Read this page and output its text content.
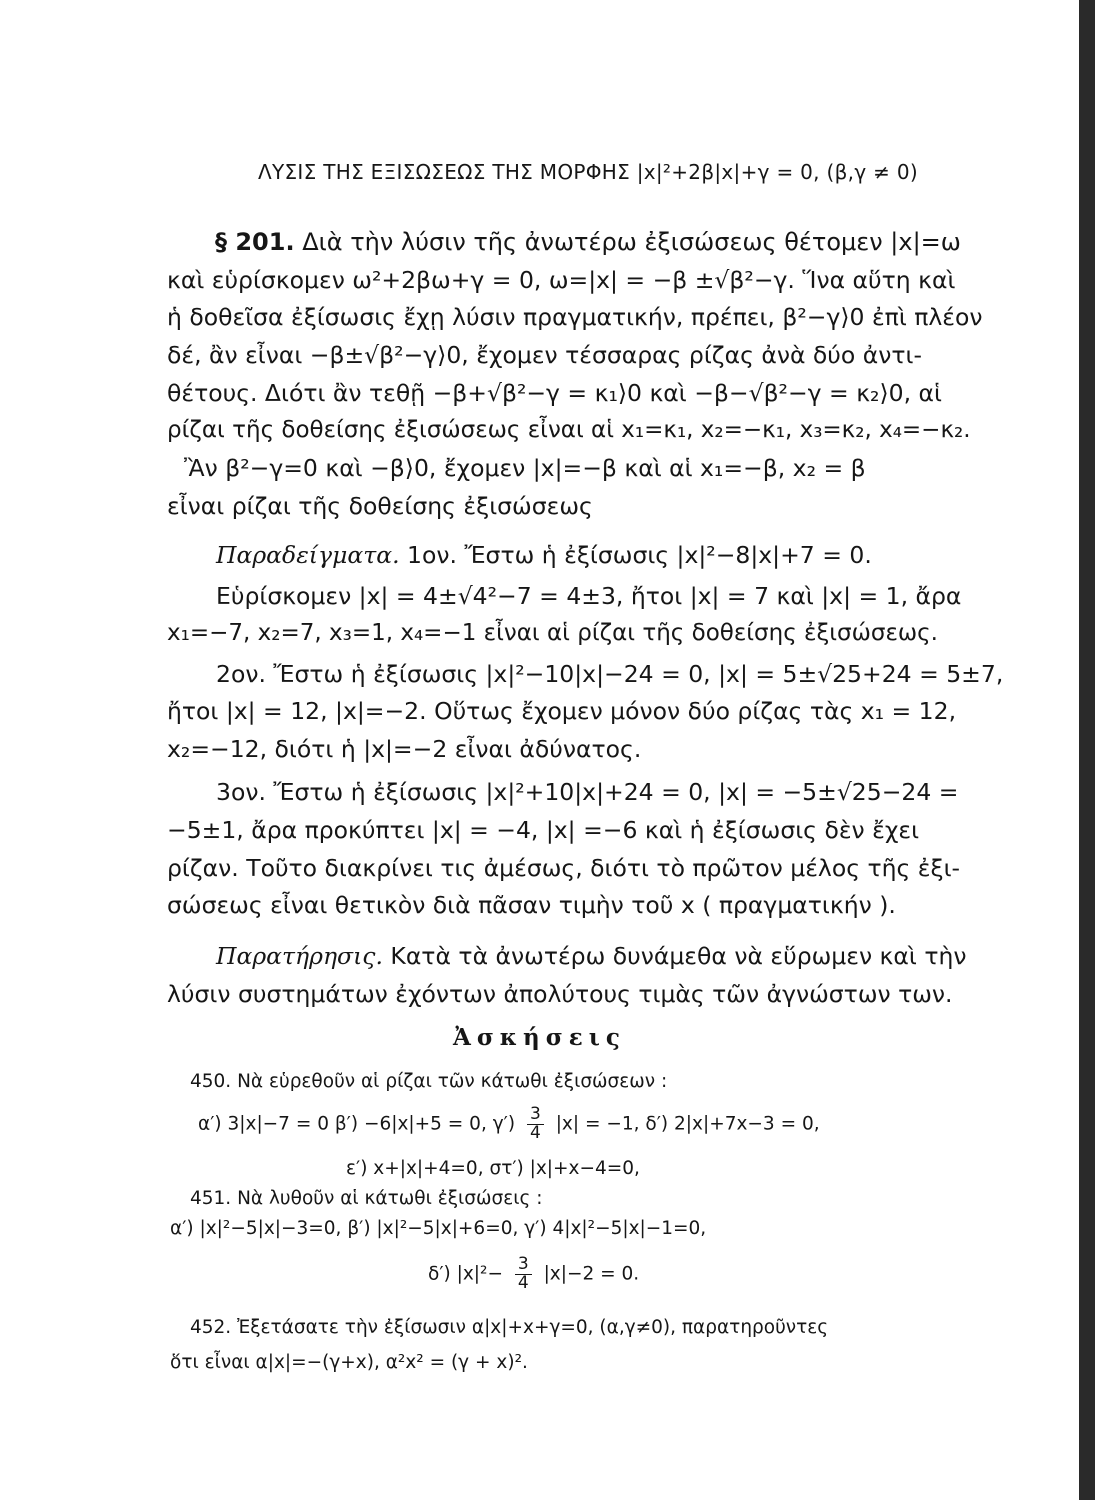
ΛΥΣΙΣ ΤΗΣ ΕΞΙΣΩΣΕΩΣ ΤΗΣ ΜΟΡΦΗΣ |x|²+2β|x|+γ = 0, (β,γ ≠ 0)
§ 201. Διὰ τὴν λύσιν τῆς ἀνωτέρω ἐξισώσεως θέτομεν |x|=ω
καὶ εὑρίσκομεν ω²+2βω+γ = 0, ω=|x| = −β ±√β²−γ. Ἵνα αὕτη καὶ
ἡ δοθεῖσα ἐξίσωσις ἔχῃ λύσιν πραγματικήν, πρέπει, β²−γ⟩0 ἐπὶ πλέον
δέ, ἂν εἶναι −β±√β²−γ⟩0, ἔχομεν τέσσαρας ρίζας ἀνὰ δύο ἀντι-
θέτους. Διότι ἂν τεθῇ −β+√β²−γ = κ₁⟩0 καὶ −β−√β²−γ = κ₂⟩0, αἱ
ρίζαι τῆς δοθείσης ἐξισώσεως εἶναι αἱ x₁=κ₁, x₂=−κ₁, x₃=κ₂, x₄=−κ₂.
Ἂν β²−γ=0 καὶ −β⟩0, ἔχομεν |x|=−β καὶ αἱ x₁=−β, x₂ = β
εἶναι ρίζαι τῆς δοθείσης ἐξισώσεως
Παραδείγματα. 1ον. Ἔστω ἡ ἐξίσωσις |x|²−8|x|+7 = 0.
Εὑρίσκομεν |x| = 4±√4²−7 = 4±3, ἤτοι |x| = 7 καὶ |x| = 1, ἄρα
x₁=−7, x₂=7, x₃=1, x₄=−1 εἶναι αἱ ρίζαι τῆς δοθείσης ἐξισώσεως.
2ον. Ἔστω ἡ ἐξίσωσις |x|²−10|x|−24 = 0, |x| = 5±√25+24 = 5±7,
ἤτοι |x| = 12, |x|=−2. Οὕτως ἔχομεν μόνον δύο ρίζας τὰς x₁ = 12,
x₂=−12, διότι ἡ |x|=−2 εἶναι ἀδύνατος.
3ον. Ἔστω ἡ ἐξίσωσις |x|²+10|x|+24 = 0, |x| = −5±√25−24 =
−5±1, ἄρα προκύπτει |x| = −4, |x| =−6 καὶ ἡ ἐξίσωσις δὲν ἔχει
ρίζαν. Τοῦτο διακρίνει τις ἀμέσως, διότι τὸ πρῶτον μέλος τῆς ἐξι-
σώσεως εἶναι θετικὸν διὰ πᾶσαν τιμὴν τοῦ x ( πραγματικήν ).
Παρατήρησις. Κατὰ τὰ ἀνωτέρω δυνάμεθα νὰ εὕρωμεν καὶ τὴν
λύσιν συστημάτων ἐχόντων ἀπολύτους τιμὰς τῶν ἀγνώστων των.
Ἀσκήσεις
450. Νὰ εὑρεθοῦν αἱ ρίζαι τῶν κάτωθι ἐξισώσεων :
α′) 3|x|−7 = 0 β′) −6|x|+5 = 0, $\gamma') \frac{3}{4} |x| = -1$, δ′) 2|x|+7x−3 = 0,
ε′) x+|x|+4=0, στ′) |x|+x−4=0,
451. Νὰ λυθοῦν αἱ κάτωθι ἐξισώσεις :
α′) |x|²−5|x|−3=0, β′) |x|²−5|x|+6=0, γ′) 4|x|²−5|x|−1=0,
δ′) $|x|^2- \frac{3}{4} |x|-2 = 0$.
452. Ἐξετάσατε τὴν ἐξίσωσιν α|x|+x+γ=0, (α,γ≠0), παρατηροῦντες
ὅτι εἶναι α|x|=−(γ+x), α²x² = (γ + x)².
